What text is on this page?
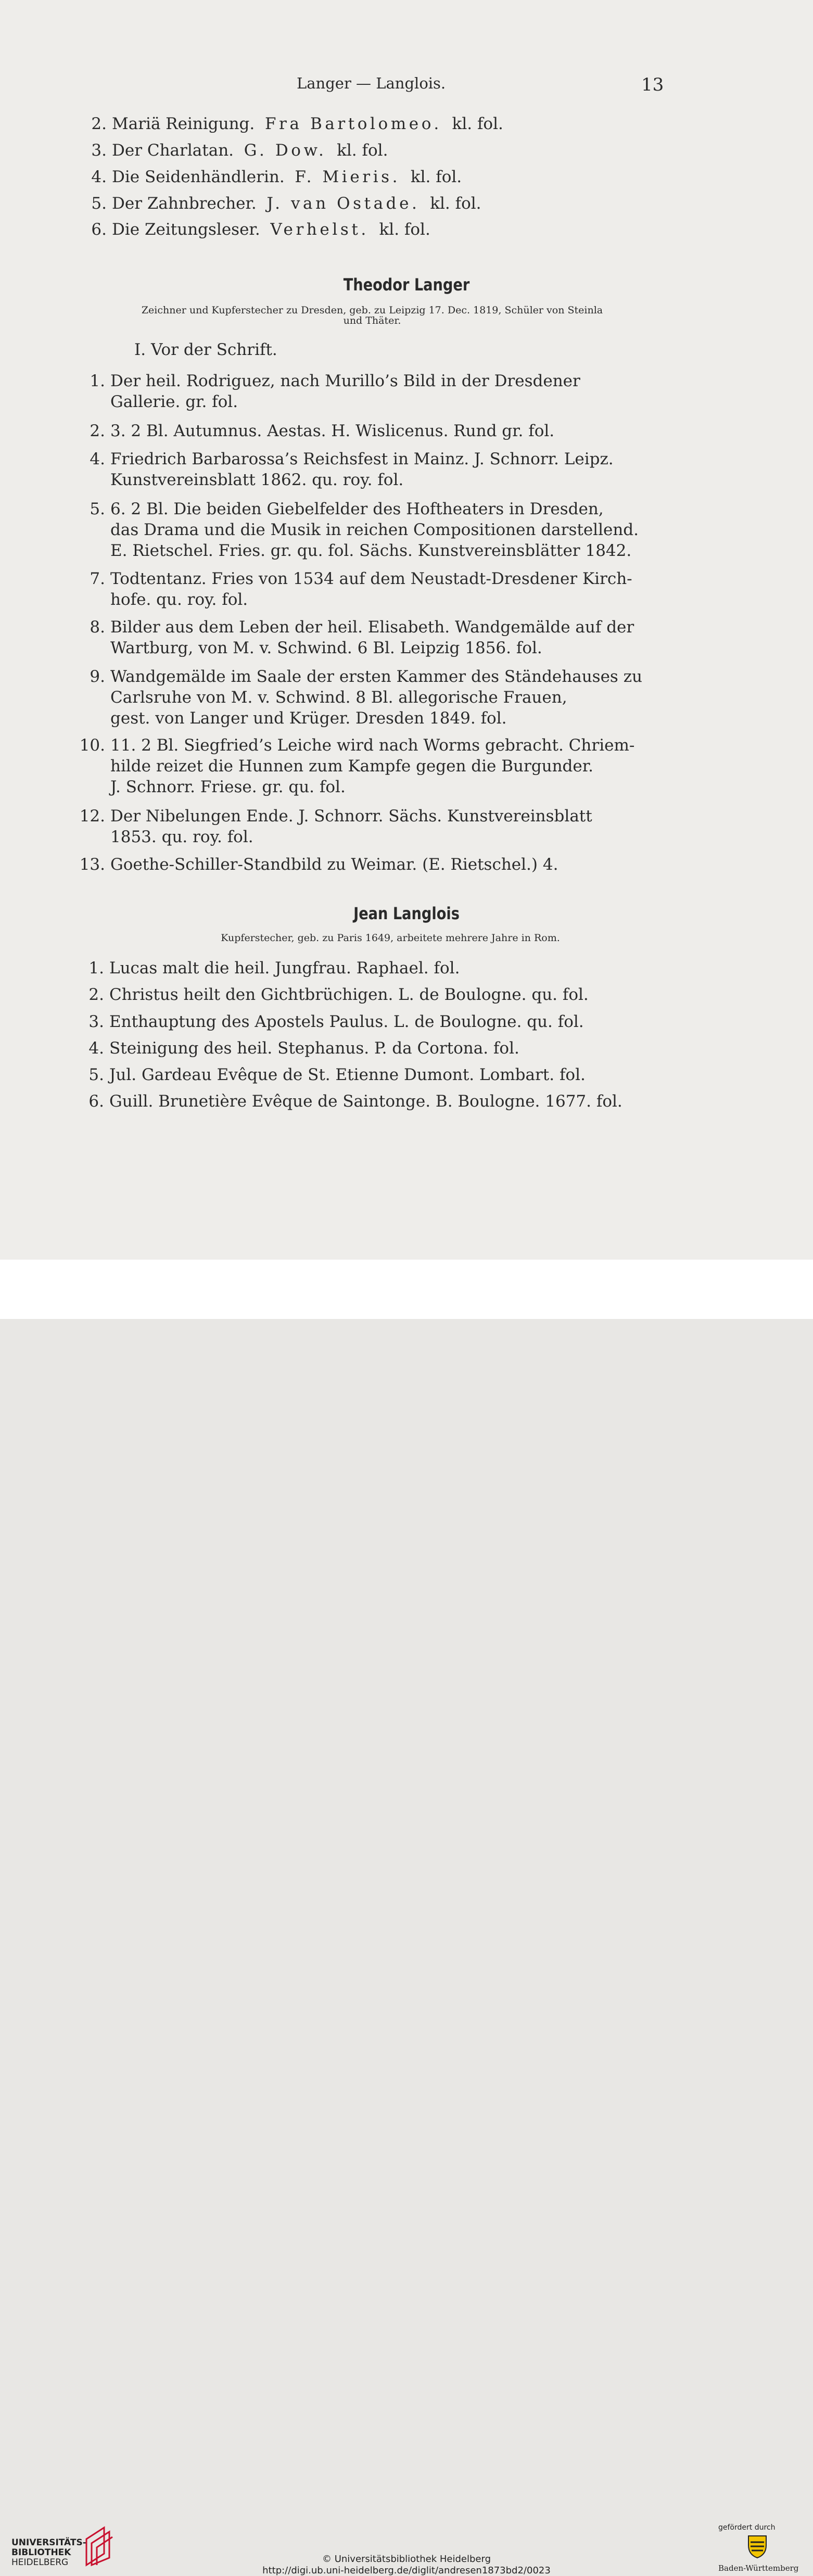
Langer — Langlois.	13
2. Mariä Reinigung. Fra Bartolomeo. kl. fol.
3. Der Charlatan. G. Dow. kl. fol.
4. Die Seidenhändlerin. F. Mieris. kl. fol.
5. Der Zahnbrecher. J. van Ostade. kl. fol.
6. Die Zeitungsleser. Verhelst. kl. fol.
Theodor Langer
Zeichner und Kupferstecher zu Dresden, geb. zu Leipzig 17. Dec. 1819, Schüler von Steinla
und Thäter.
I. Vor der Schrift.
1. Der heil. Rodriguez, nach Murillo’s Bild in der Dresdener
Gallerie. gr. fol.
2. 3. 2 Bl. Autumnus. Aestas. H. Wislicenus. Rund gr. fol.
4. Friedrich Barbarossa’s Reichsfest in Mainz. J. Schnorr. Leipz.
Kunstvereinsblatt 1862. qu. roy. fol.
5. 6. 2 Bl. Die beiden Giebelfelder des Hoftheaters in Dresden,
das Drama und die Musik in reichen Compositionen darstellend.
E. Rietschel. Fries. gr. qu. fol. Sächs. Kunstvereinsblätter 1842.
7. Todtentanz. Fries von 1534 auf dem Neustadt-Dresdener Kirch-
hofe. qu. roy. fol.
8. Bilder aus dem Leben der heil. Elisabeth. Wandgemälde auf der
Wartburg, von M. v. Schwind. 6 Bl. Leipzig 1856. fol.
9. Wandgemälde im Saale der ersten Kammer des Ständehauses zu
Carlsruhe von M. v. Schwind. 8 Bl. allegorische Frauen,
gest. von Langer und Krüger. Dresden 1849. fol.
10. 11. 2 Bl. Siegfried’s Leiche wird nach Worms gebracht. Chriem-
hilde reizet die Hunnen zum Kampfe gegen die Burgunder.
J. Schnorr. Friese. gr. qu. fol.
12. Der Nibelungen Ende. J. Schnorr. Sächs. Kunstvereinsblatt
1853. qu. roy. fol.
13. Goethe-Schiller-Standbild zu Weimar. (E. Rietschel.) 4.
Jean Langlois
Kupferstecher, geb. zu Paris 1649, arbeitete mehrere Jahre in Rom.
1. Lucas malt die heil. Jungfrau. Raphael. fol.
2. Christus heilt den Gichtbrüchigen. L. de Boulogne. qu. fol.
3. Enthauptung des Apostels Paulus. L. de Boulogne. qu. fol.
4. Steinigung des heil. Stephanus. P. da Cortona. fol.
5. Jul. Gardeau Evêque de St. Etienne Dumont. Lombart. fol.
6. Guill. Brunetière Evêque de Saintonge. B. Boulogne. 1677. fol.
UNIVERSITÄTS-
BIBLIOTHEK
HEIDELBERG	© Universitätsbibliothek Heidelberg
http://digi.ub.uni-heidelberg.de/diglit/andresen1873bd2/0023
gefördert durch
Baden-Württemberg
